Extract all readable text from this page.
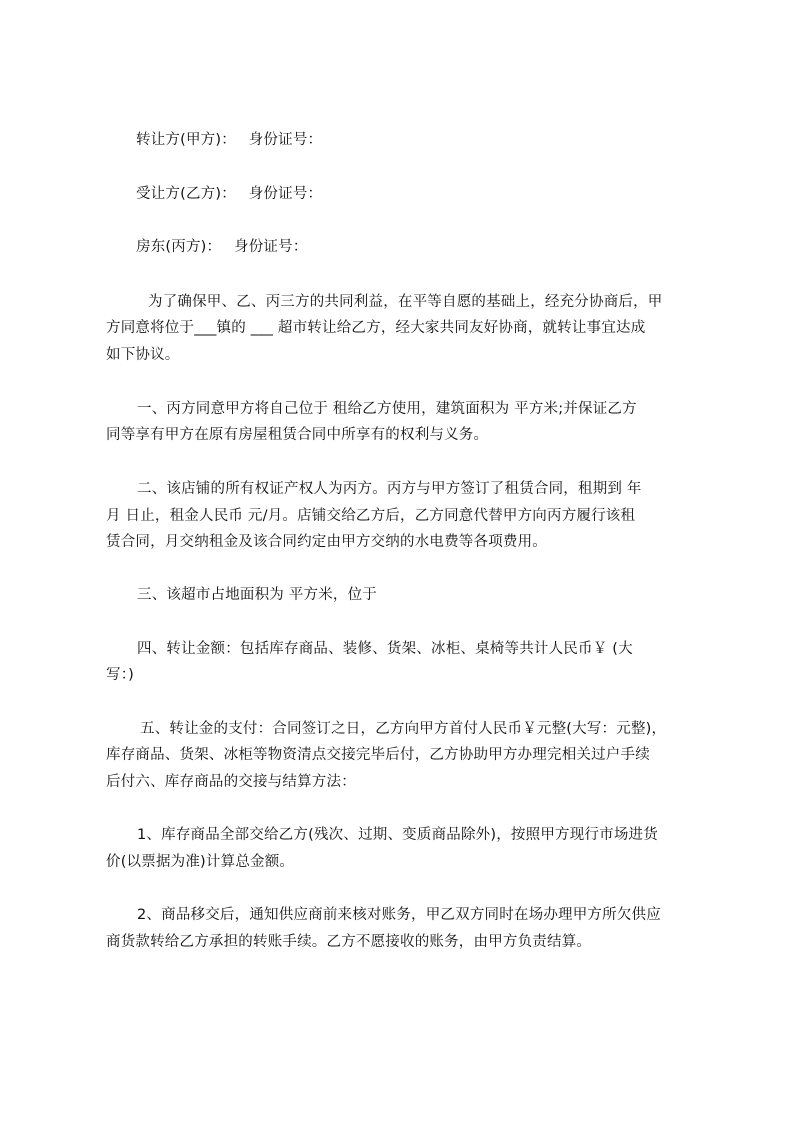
转让方(甲方)： 身份证号：
受让方(乙方)： 身份证号：
房东(丙方)： 身份证号：
为了确保甲、乙、丙三方的共同利益，在平等自愿的基础上，经充分协商后，甲
方同意将位于___镇的 ___ 超市转让给乙方，经大家共同友好协商，就转让事宜达成
如下协议。
一、丙方同意甲方将自己位于 租给乙方使用，建筑面积为 平方米;并保证乙方
同等享有甲方在原有房屋租赁合同中所享有的权利与义务。
二、该店铺的所有权证产权人为丙方。丙方与甲方签订了租赁合同，租期到 年
月 日止，租金人民币 元/月。店铺交给乙方后，乙方同意代替甲方向丙方履行该租
赁合同，月交纳租金及该合同约定由甲方交纳的水电费等各项费用。
三、该超市占地面积为 平方米，位于
四、转让金额：包括库存商品、装修、货架、冰柜、桌椅等共计人民币￥ (大
写：)
五、转让金的支付：合同签订之日，乙方向甲方首付人民币￥元整(大写：元整)，
库存商品、货架、冰柜等物资清点交接完毕后付，乙方协助甲方办理完相关过户手续
后付六、库存商品的交接与结算方法：
1、库存商品全部交给乙方(残次、过期、变质商品除外)，按照甲方现行市场进货
价(以票据为准)计算总金额。
2、商品移交后，通知供应商前来核对账务，甲乙双方同时在场办理甲方所欠供应
商货款转给乙方承担的转账手续。乙方不愿接收的账务，由甲方负责结算。
